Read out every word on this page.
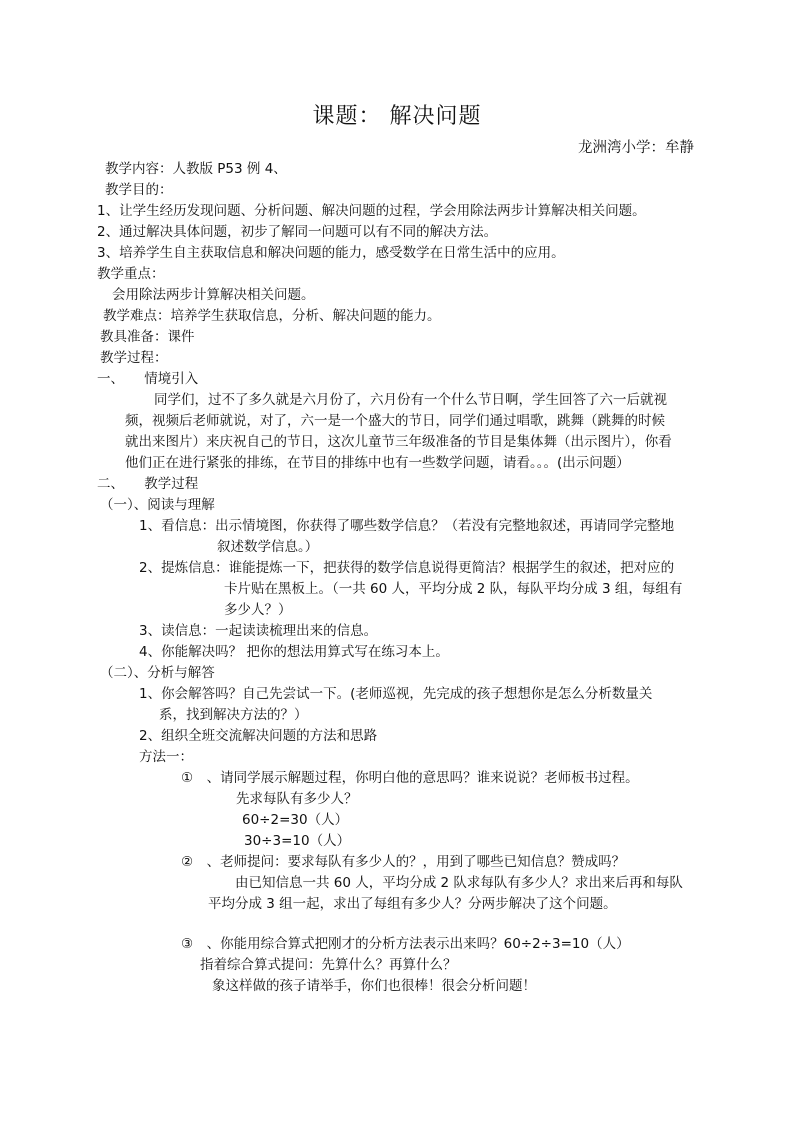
课题： 解决问题
龙洲湾小学：牟静
教学内容：人教版 P53 例 4、
教学目的：
1、让学生经历发现问题、分析问题、解决问题的过程，学会用除法两步计算解决相关问题。
2、通过解决具体问题，初步了解同一问题可以有不同的解决方法。
3、培养学生自主获取信息和解决问题的能力，感受数学在日常生活中的应用。
教学重点：
会用除法两步计算解决相关问题。
教学难点：培养学生获取信息，分析、解决问题的能力。
教具准备：课件
教学过程：
一、　　情境引入
同学们，过不了多久就是六月份了，六月份有一个什么节日啊，学生回答了六一后就视
频，视频后老师就说，对了，六一是一个盛大的节日，同学们通过唱歌，跳舞（跳舞的时候
就出来图片）来庆祝自己的节日，这次儿童节三年级准备的节目是集体舞（出示图片），你看
他们正在进行紧张的排练，在节目的排练中也有一些数学问题，请看。。。(出示问题）
二、　　教学过程
（一）、阅读与理解
1、看信息：出示情境图，你获得了哪些数学信息？（若没有完整地叙述，再请同学完整地
叙述数学信息。）
2、提炼信息：谁能提炼一下，把获得的数学信息说得更简洁？根据学生的叙述，把对应的
卡片贴在黑板上。（一共 60 人，平均分成 2 队，每队平均分成 3 组，每组有
多少人？）
3、读信息：一起读读梳理出来的信息。
4、你能解决吗？ 把你的想法用算式写在练习本上。
（二）、分析与解答
1、你会解答吗？自己先尝试一下。(老师巡视，先完成的孩子想想你是怎么分析数量关
系，找到解决方法的？）
2、组织全班交流解决问题的方法和思路
方法一：
①　、请同学展示解题过程，你明白他的意思吗？谁来说说？老师板书过程。
先求每队有多少人？
60÷2=30（人）
30÷3=10（人）
②　、老师提问：要求每队有多少人的？，用到了哪些已知信息？赞成吗？
由已知信息一共 60 人，平均分成 2 队求每队有多少人？求出来后再和每队
平均分成 3 组一起，求出了每组有多少人？分两步解决了这个问题。
③　、你能用综合算式把刚才的分析方法表示出来吗？60÷2÷3=10（人）
指着综合算式提问：先算什么？再算什么？
象这样做的孩子请举手，你们也很棒！很会分析问题！
